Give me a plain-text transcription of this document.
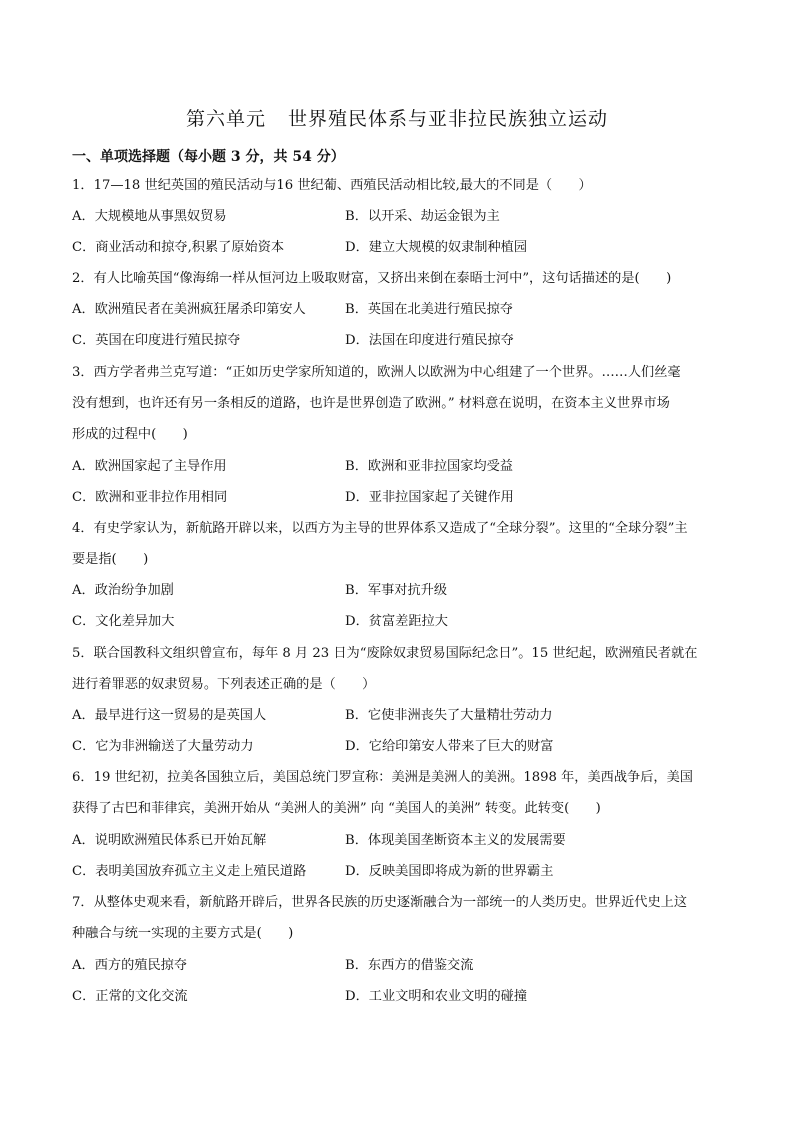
第六单元 世界殖民体系与亚非拉民族独立运动
一、单项选择题（每小题 3 分，共 54 分）
1．17—18 世纪英国的殖民活动与16 世纪葡、西殖民活动相比较,最大的不同是（　　）
A．大规模地从事黑奴贸易	B．以开采、劫运金银为主
C．商业活动和掠夺,积累了原始资本	D．建立大规模的奴隶制种植园
2．有人比喻英国“像海绵一样从恒河边上吸取财富，又挤出来倒在泰晤士河中”，这句话描述的是(　　)
A．欧洲殖民者在美洲疯狂屠杀印第安人	B．英国在北美进行殖民掠夺
C．英国在印度进行殖民掠夺	D．法国在印度进行殖民掠夺
3．西方学者弗兰克写道：“正如历史学家所知道的，欧洲人以欧洲为中心组建了一个世界。……人们丝毫
没有想到，也许还有另一条相反的道路，也许是世界创造了欧洲。” 材料意在说明，在资本主义世界市场
形成的过程中(　　)
A．欧洲国家起了主导作用	B．欧洲和亚非拉国家均受益
C．欧洲和亚非拉作用相同	D．亚非拉国家起了关键作用
4．有史学家认为，新航路开辟以来，以西方为主导的世界体系又造成了“全球分裂”。这里的“全球分裂”主
要是指(　　)
A．政治纷争加剧	B．军事对抗升级
C．文化差异加大	D．贫富差距拉大
5．联合国教科文组织曾宣布，每年 8 月 23 日为“废除奴隶贸易国际纪念日”。15 世纪起，欧洲殖民者就在
进行着罪恶的奴隶贸易。下列表述正确的是（　　）
A．最早进行这一贸易的是英国人	B．它使非洲丧失了大量精壮劳动力
C．它为非洲输送了大量劳动力	D．它给印第安人带来了巨大的财富
6．19 世纪初，拉美各国独立后，美国总统门罗宣称：美洲是美洲人的美洲。1898 年，美西战争后，美国
获得了古巴和菲律宾，美洲开始从 “美洲人的美洲” 向 “美国人的美洲” 转变。此转变(　　)
A．说明欧洲殖民体系已开始瓦解	B．体现美国垄断资本主义的发展需要
C．表明美国放弃孤立主义走上殖民道路	D．反映美国即将成为新的世界霸主
7．从整体史观来看，新航路开辟后，世界各民族的历史逐渐融合为一部统一的人类历史。世界近代史上这
种融合与统一实现的主要方式是(　　)
A．西方的殖民掠夺	B．东西方的借鉴交流
C．正常的文化交流	D．工业文明和农业文明的碰撞
